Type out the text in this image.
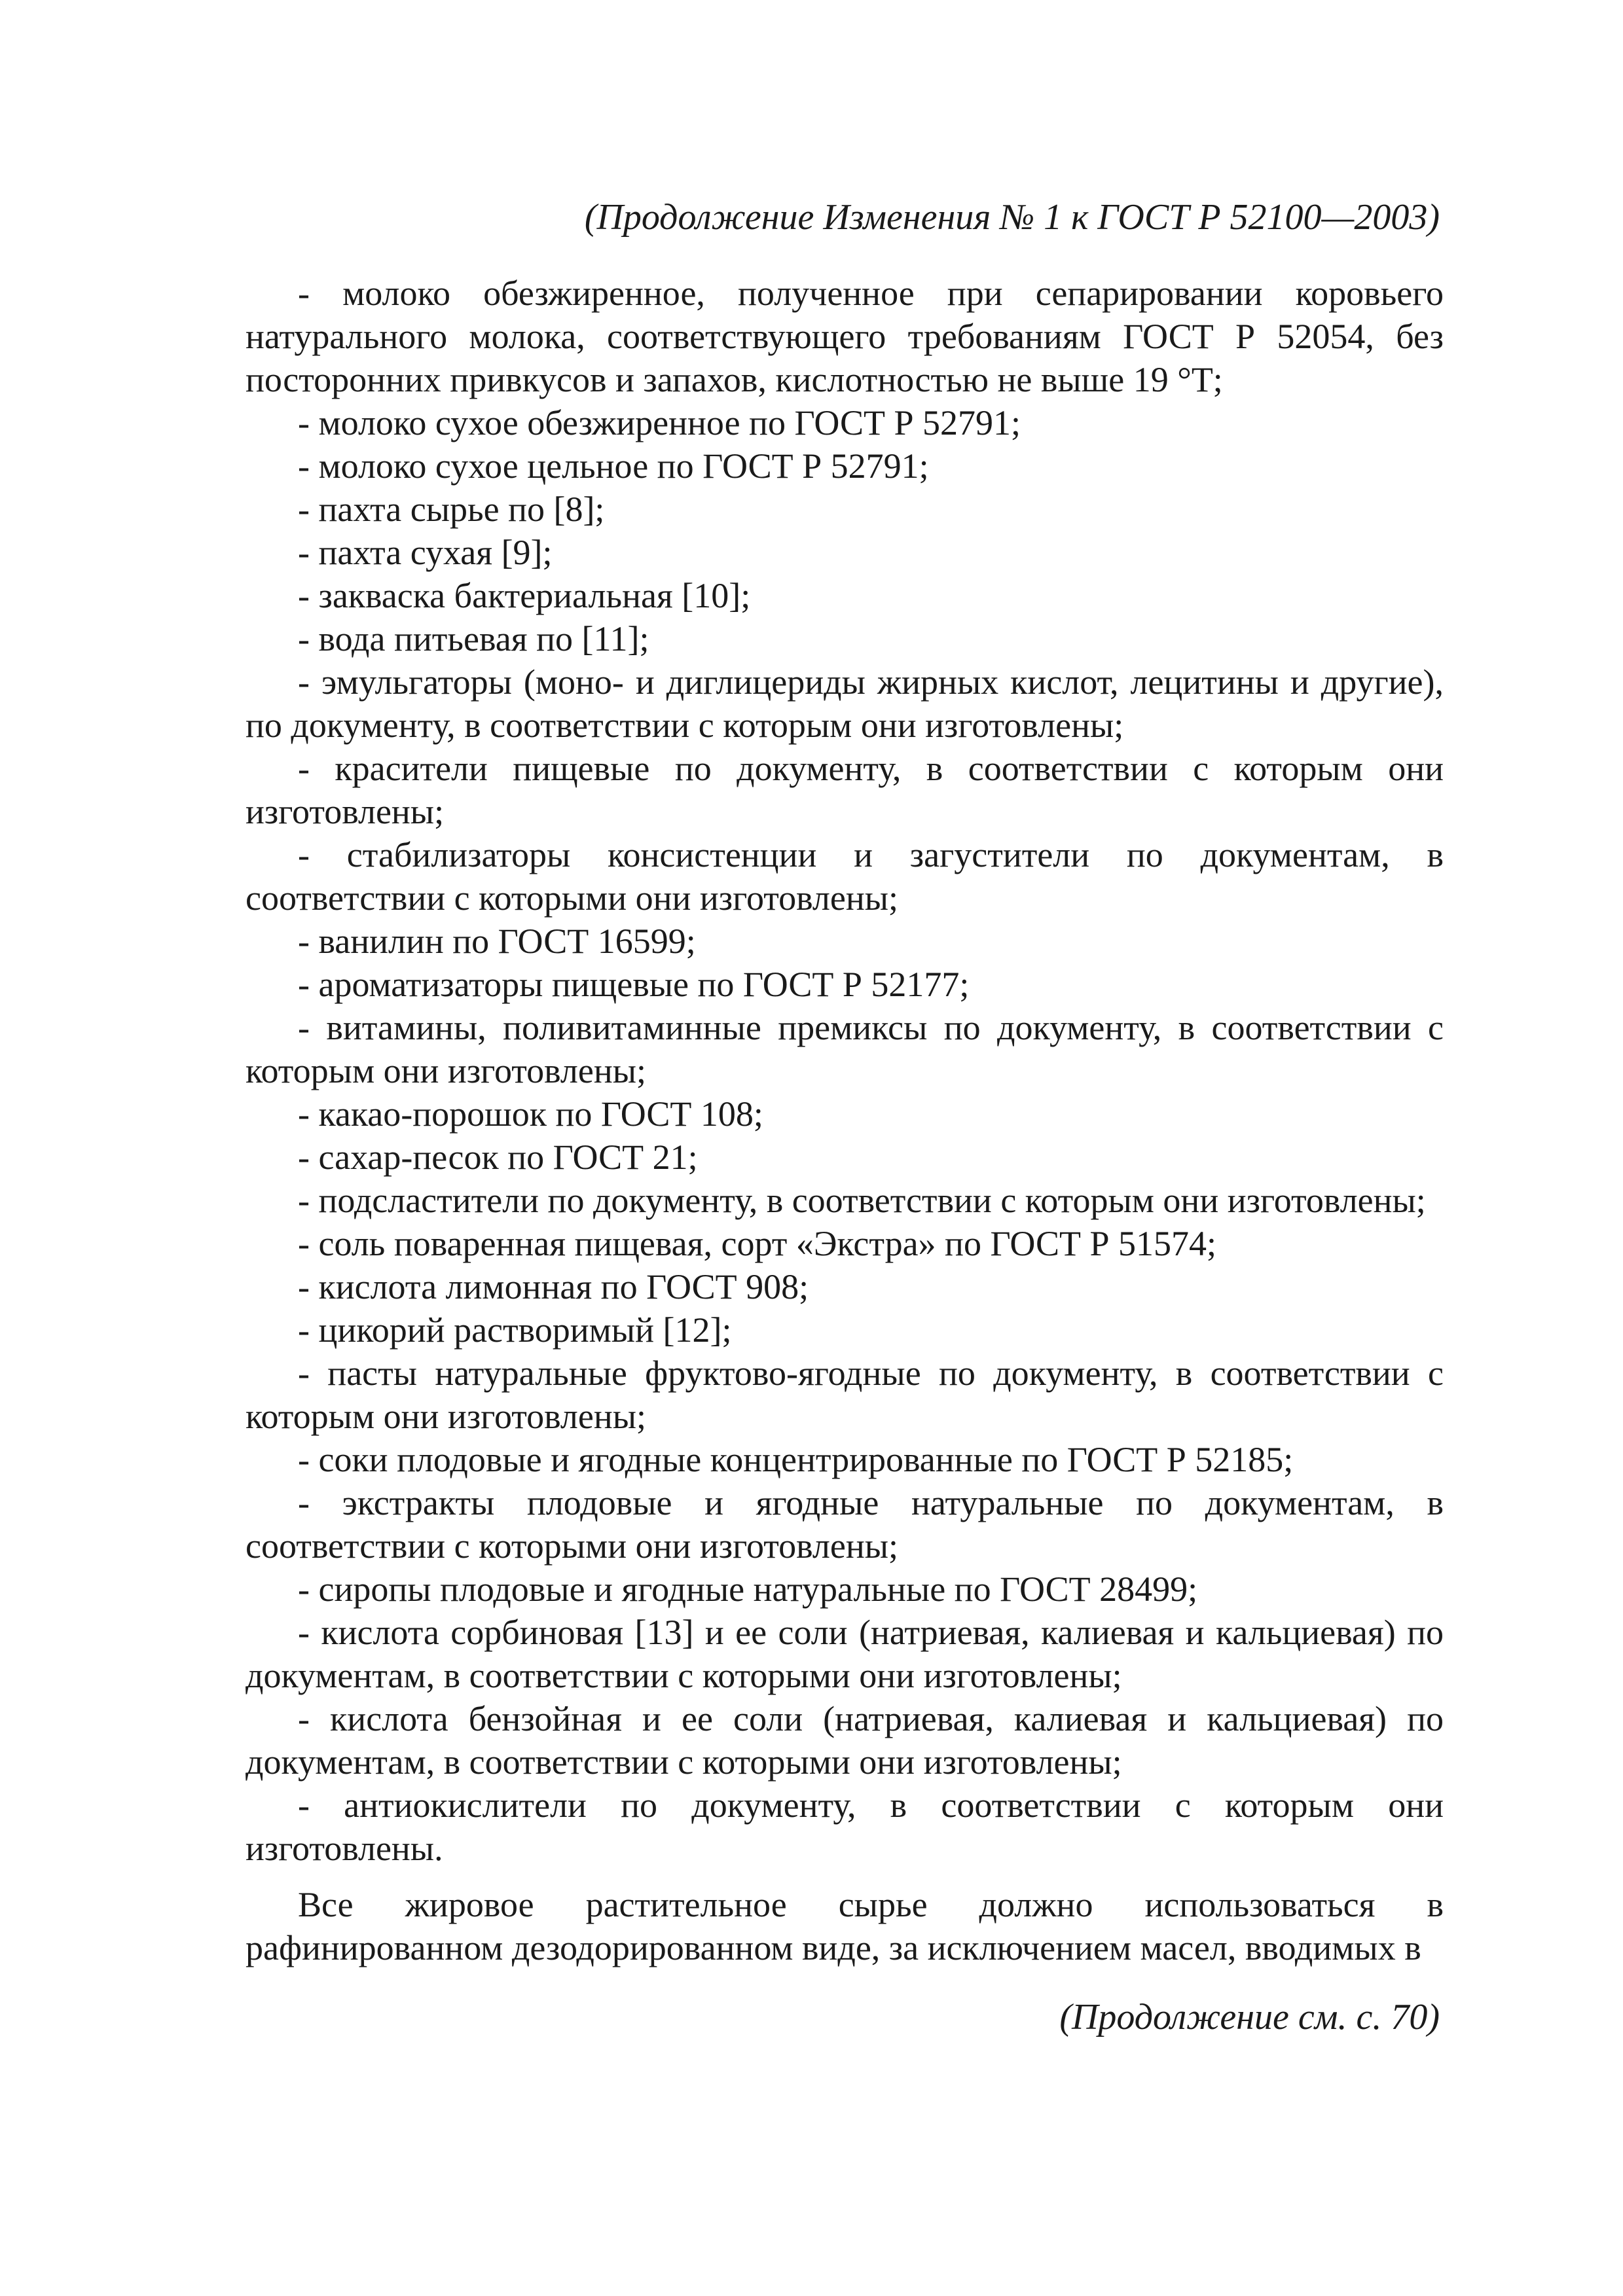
(Продолжение Изменения № 1 к ГОСТ Р 52100—2003)

- молоко обезжиренное, полученное при сепарировании коровьего натурального молока, соответствующего требованиям ГОСТ Р 52054, без посторонних привкусов и запахов, кислотностью не выше 19 °Т;

- молоко сухое обезжиренное по ГОСТ Р 52791;

- молоко сухое цельное по ГОСТ Р 52791;

- пахта сырье по [8];

- пахта сухая [9];

- закваска бактериальная [10];

- вода питьевая по [11];

- эмульгаторы (моно- и диглицериды жирных кислот, лецитины и другие), по документу, в соответствии с которым они изготовлены;

- красители пищевые по документу, в соответствии с которым они изготовлены;

- стабилизаторы консистенции и загустители по документам, в соответствии с которыми они изготовлены;

- ванилин по ГОСТ 16599;

- ароматизаторы пищевые по ГОСТ Р 52177;

- витамины, поливитаминные премиксы по документу, в соответствии с которым они изготовлены;

- какао-порошок по ГОСТ 108;

- сахар-песок по ГОСТ 21;

- подсластители по документу, в соответствии с которым они изготовлены;

- соль поваренная пищевая, сорт «Экстра» по ГОСТ Р 51574;

- кислота лимонная по ГОСТ 908;

- цикорий растворимый [12];

- пасты натуральные фруктово-ягодные по документу, в соответствии с которым они изготовлены;

- соки плодовые и ягодные концентрированные по ГОСТ Р 52185;

- экстракты плодовые и ягодные натуральные по документам, в соответствии с которыми они изготовлены;

- сиропы плодовые и ягодные натуральные по ГОСТ 28499;

- кислота сорбиновая [13] и ее соли (натриевая, калиевая и кальциевая) по документам, в соответствии с которыми они изготовлены;

- кислота бензойная и ее соли (натриевая, калиевая и кальциевая) по документам, в соответствии с которыми они изготовлены;

- антиокислители по документу, в соответствии с которым они изготовлены.

Все жировое растительное сырье должно использоваться в рафинированном дезодорированном виде, за исключением масел, вводимых в

(Продолжение см. с. 70)
